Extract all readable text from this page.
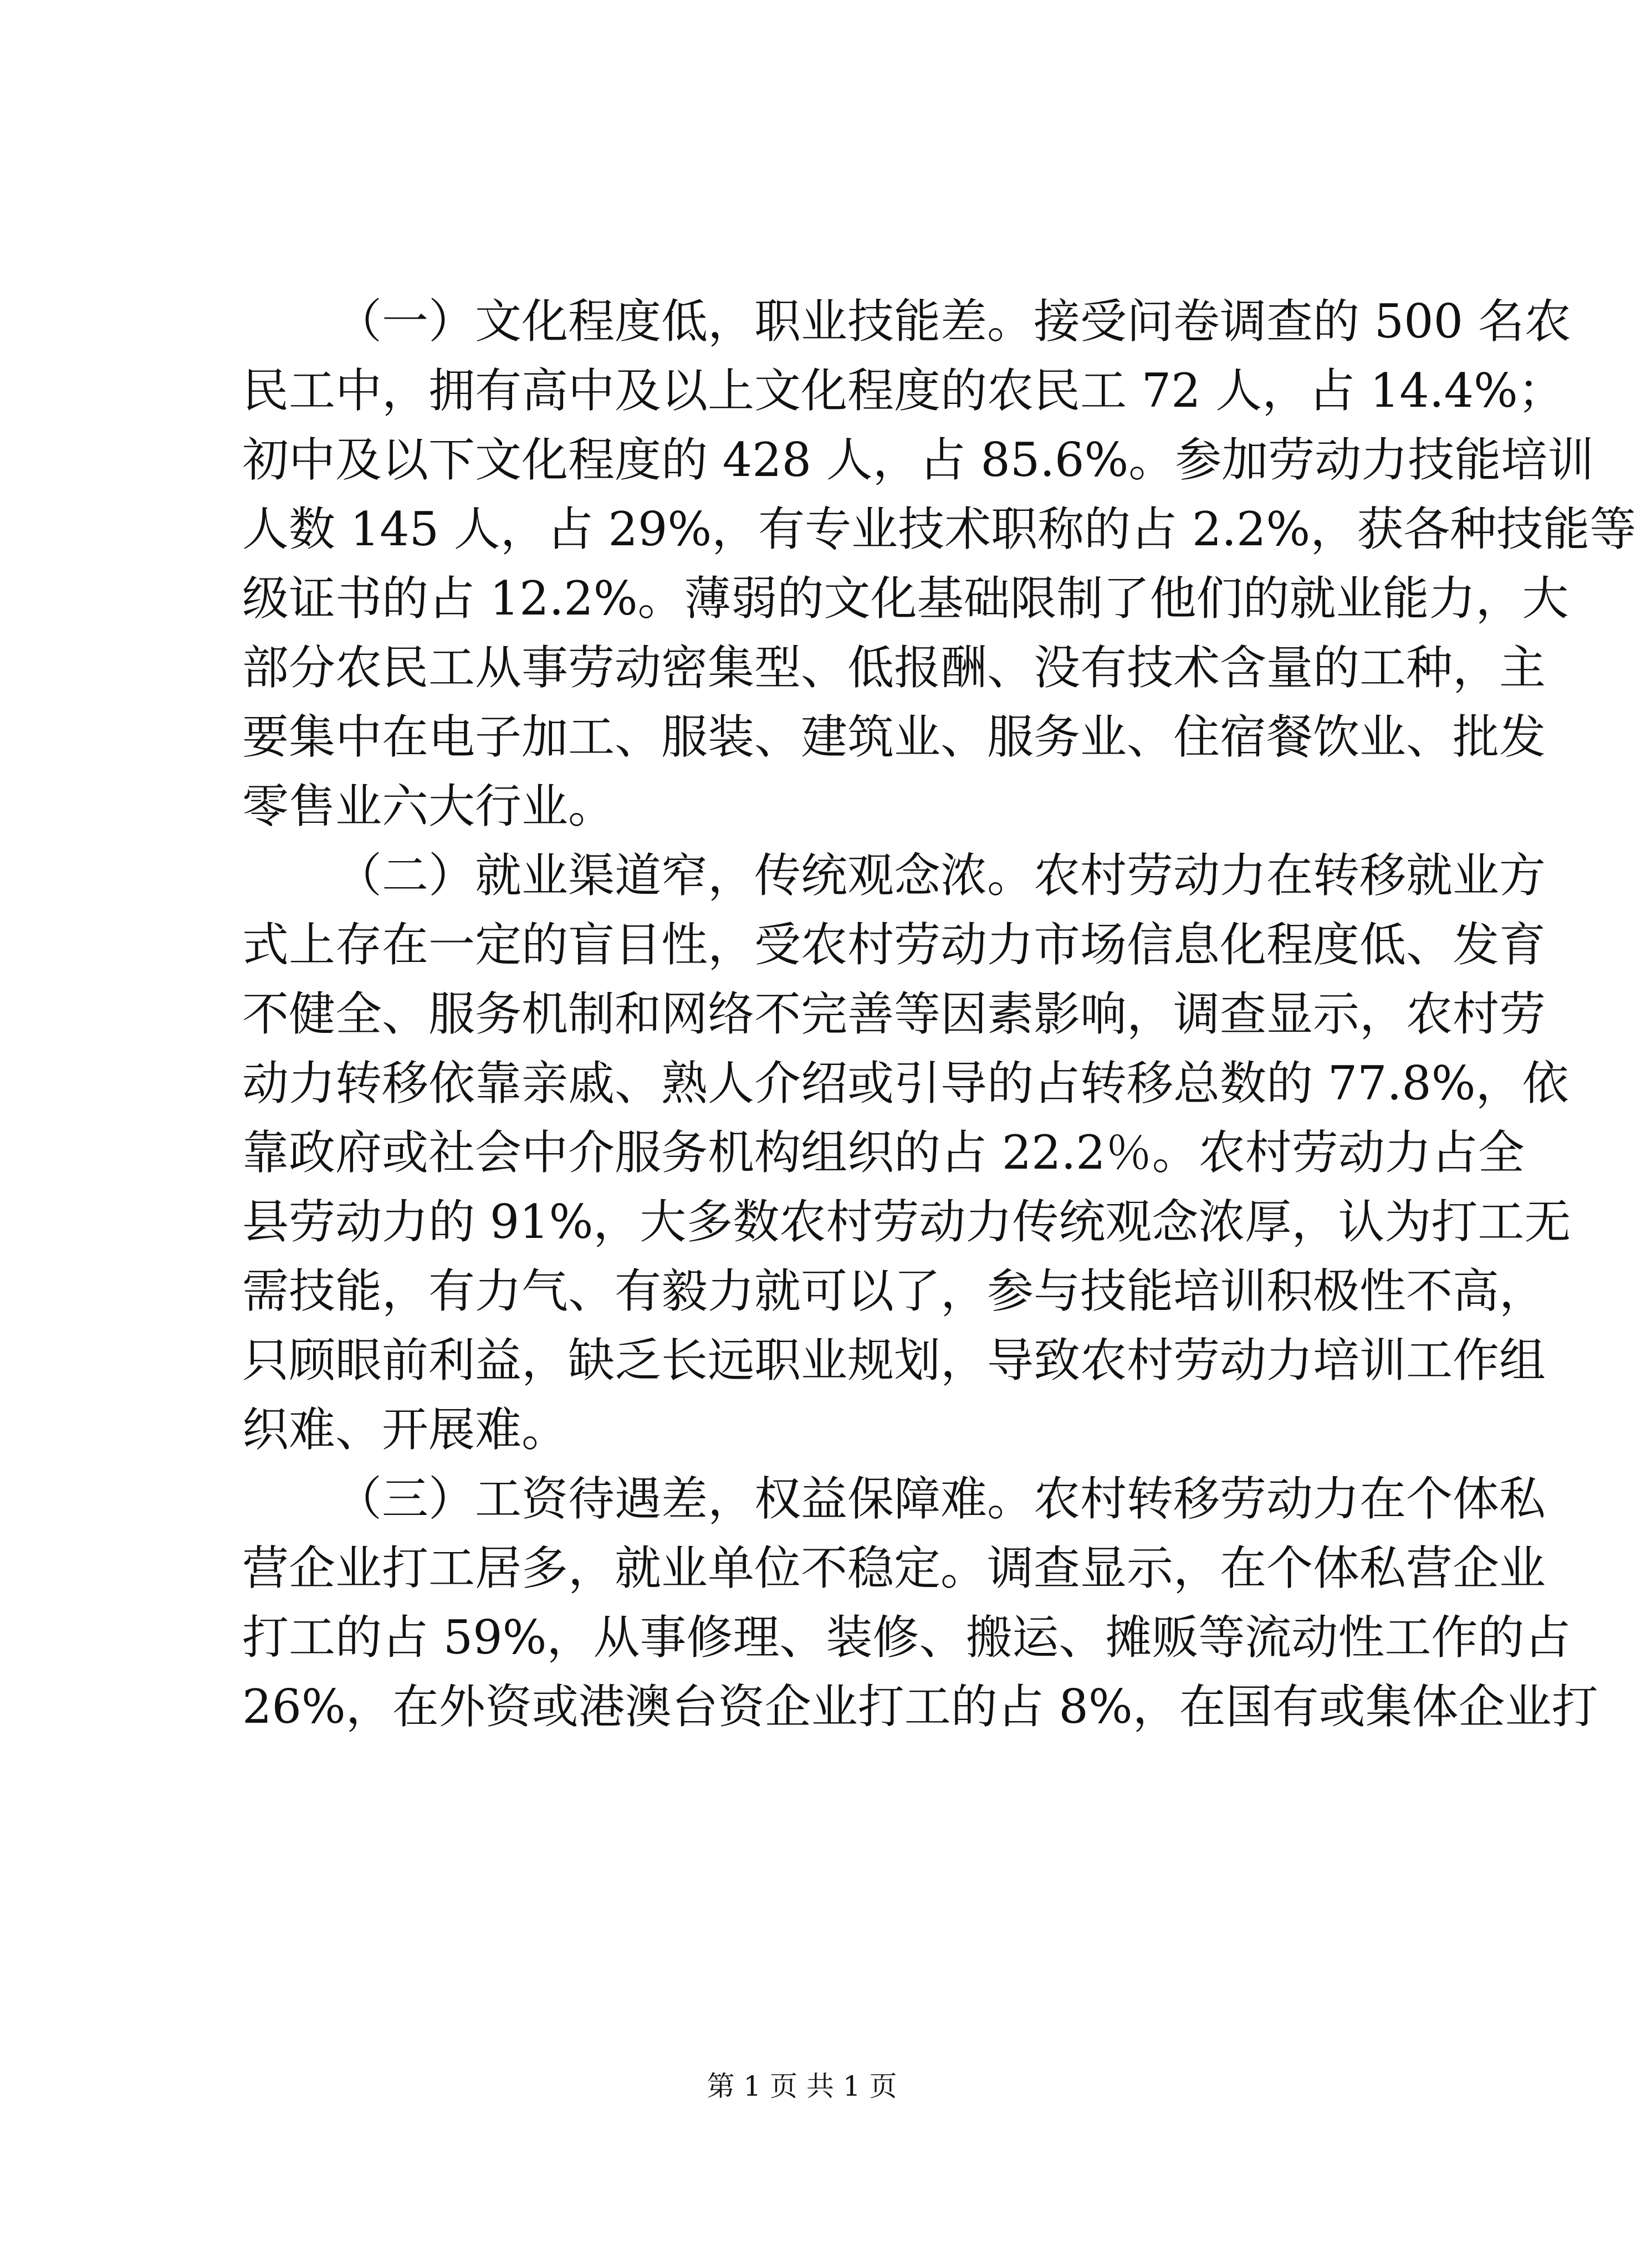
（一）文化程度低，职业技能差。接受问卷调查的 500 名农
民工中，拥有高中及以上文化程度的农民工 72 人，占 14.4%；
初中及以下文化程度的 428 人，占 85.6%。参加劳动力技能培训
人数 145 人，占 29%，有专业技术职称的占 2.2%，获各种技能等
级证书的占 12.2%。薄弱的文化基础限制了他们的就业能力，大
部分农民工从事劳动密集型、低报酬、没有技术含量的工种，主
要集中在电子加工、服装、建筑业、服务业、住宿餐饮业、批发
零售业六大行业。
（二）就业渠道窄，传统观念浓。农村劳动力在转移就业方
式上存在一定的盲目性，受农村劳动力市场信息化程度低、发育
不健全、服务机制和网络不完善等因素影响，调查显示，农村劳
动力转移依靠亲戚、熟人介绍或引导的占转移总数的 77.8%，依
靠政府或社会中介服务机构组织的占 22.2％。农村劳动力占全
县劳动力的 91%，大多数农村劳动力传统观念浓厚，认为打工无
需技能，有力气、有毅力就可以了，参与技能培训积极性不高，
只顾眼前利益，缺乏长远职业规划，导致农村劳动力培训工作组
织难、开展难。
（三）工资待遇差，权益保障难。农村转移劳动力在个体私
营企业打工居多，就业单位不稳定。调查显示，在个体私营企业
打工的占 59%，从事修理、装修、搬运、摊贩等流动性工作的占
26%，在外资或港澳台资企业打工的占 8%，在国有或集体企业打
第 1 页 共 1 页
